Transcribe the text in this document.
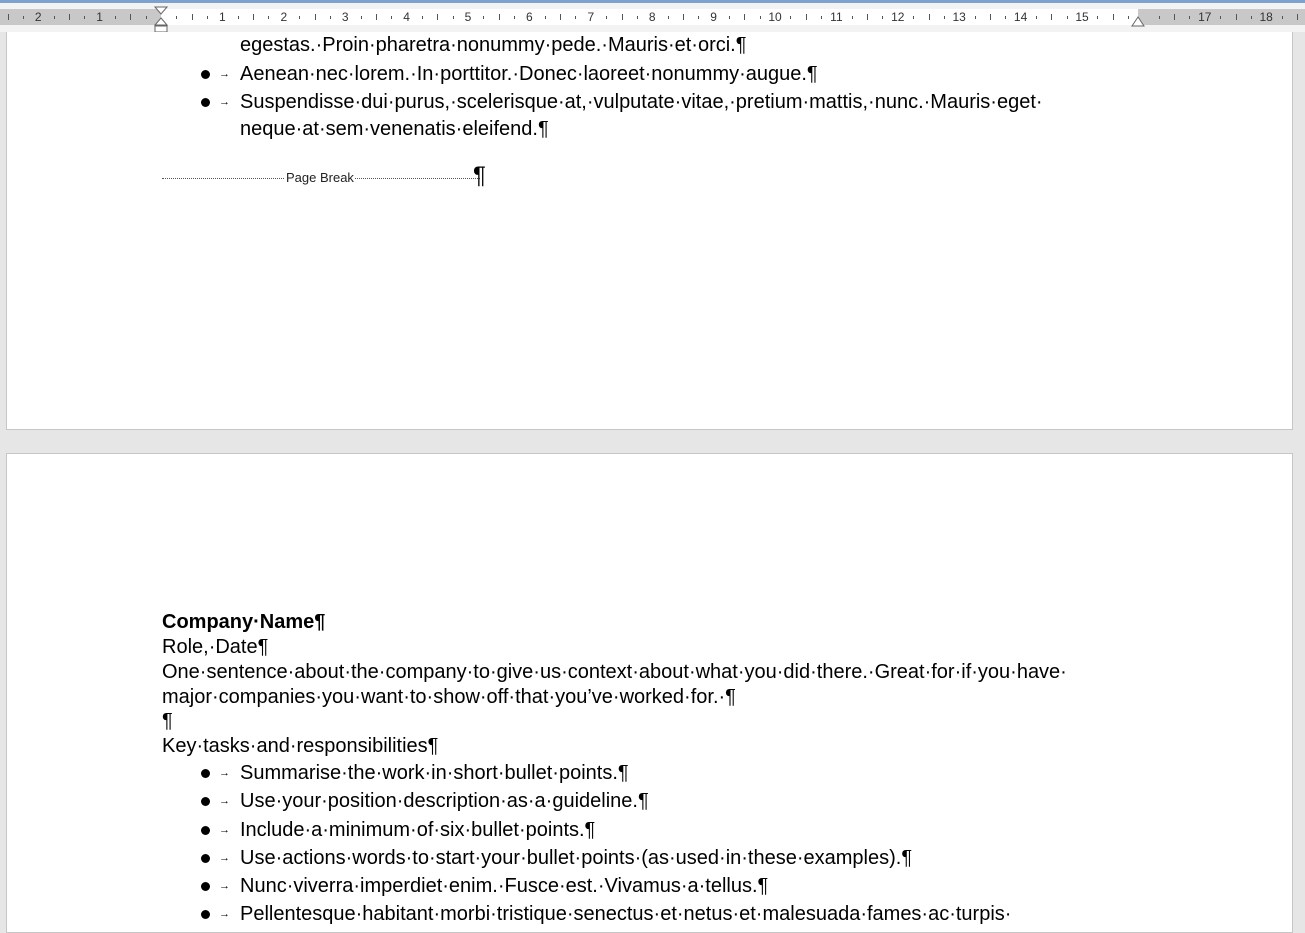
2	1	1	2	3	4	5	6	7	8	9	10	11	12	13	14	15	17	18
egestas.·Proin·pharetra·nonummy·pede.·Mauris·et·orci.¶
→ Aenean·nec·lorem.·In·porttitor.·Donec·laoreet·nonummy·augue.¶
→ Suspendisse·dui·purus,·scelerisque·at,·vulputate·vitae,·pretium·mattis,·nunc.·Mauris·eget·
neque·at·sem·venenatis·eleifend.¶
Page Break	¶
Company·Name¶
Role,·Date¶
One·sentence·about·the·company·to·give·us·context·about·what·you·did·there.·Great·for·if·you·have·
major·companies·you·want·to·show·off·that·you’ve·worked·for.·¶
¶
Key·tasks·and·responsibilities¶
→ Summarise·the·work·in·short·bullet·points.¶
→ Use·your·position·description·as·a·guideline.¶
→ Include·a·minimum·of·six·bullet·points.¶
→ Use·actions·words·to·start·your·bullet·points·(as·used·in·these·examples).¶
→ Nunc·viverra·imperdiet·enim.·Fusce·est.·Vivamus·a·tellus.¶
→ Pellentesque·habitant·morbi·tristique·senectus·et·netus·et·malesuada·fames·ac·turpis·
